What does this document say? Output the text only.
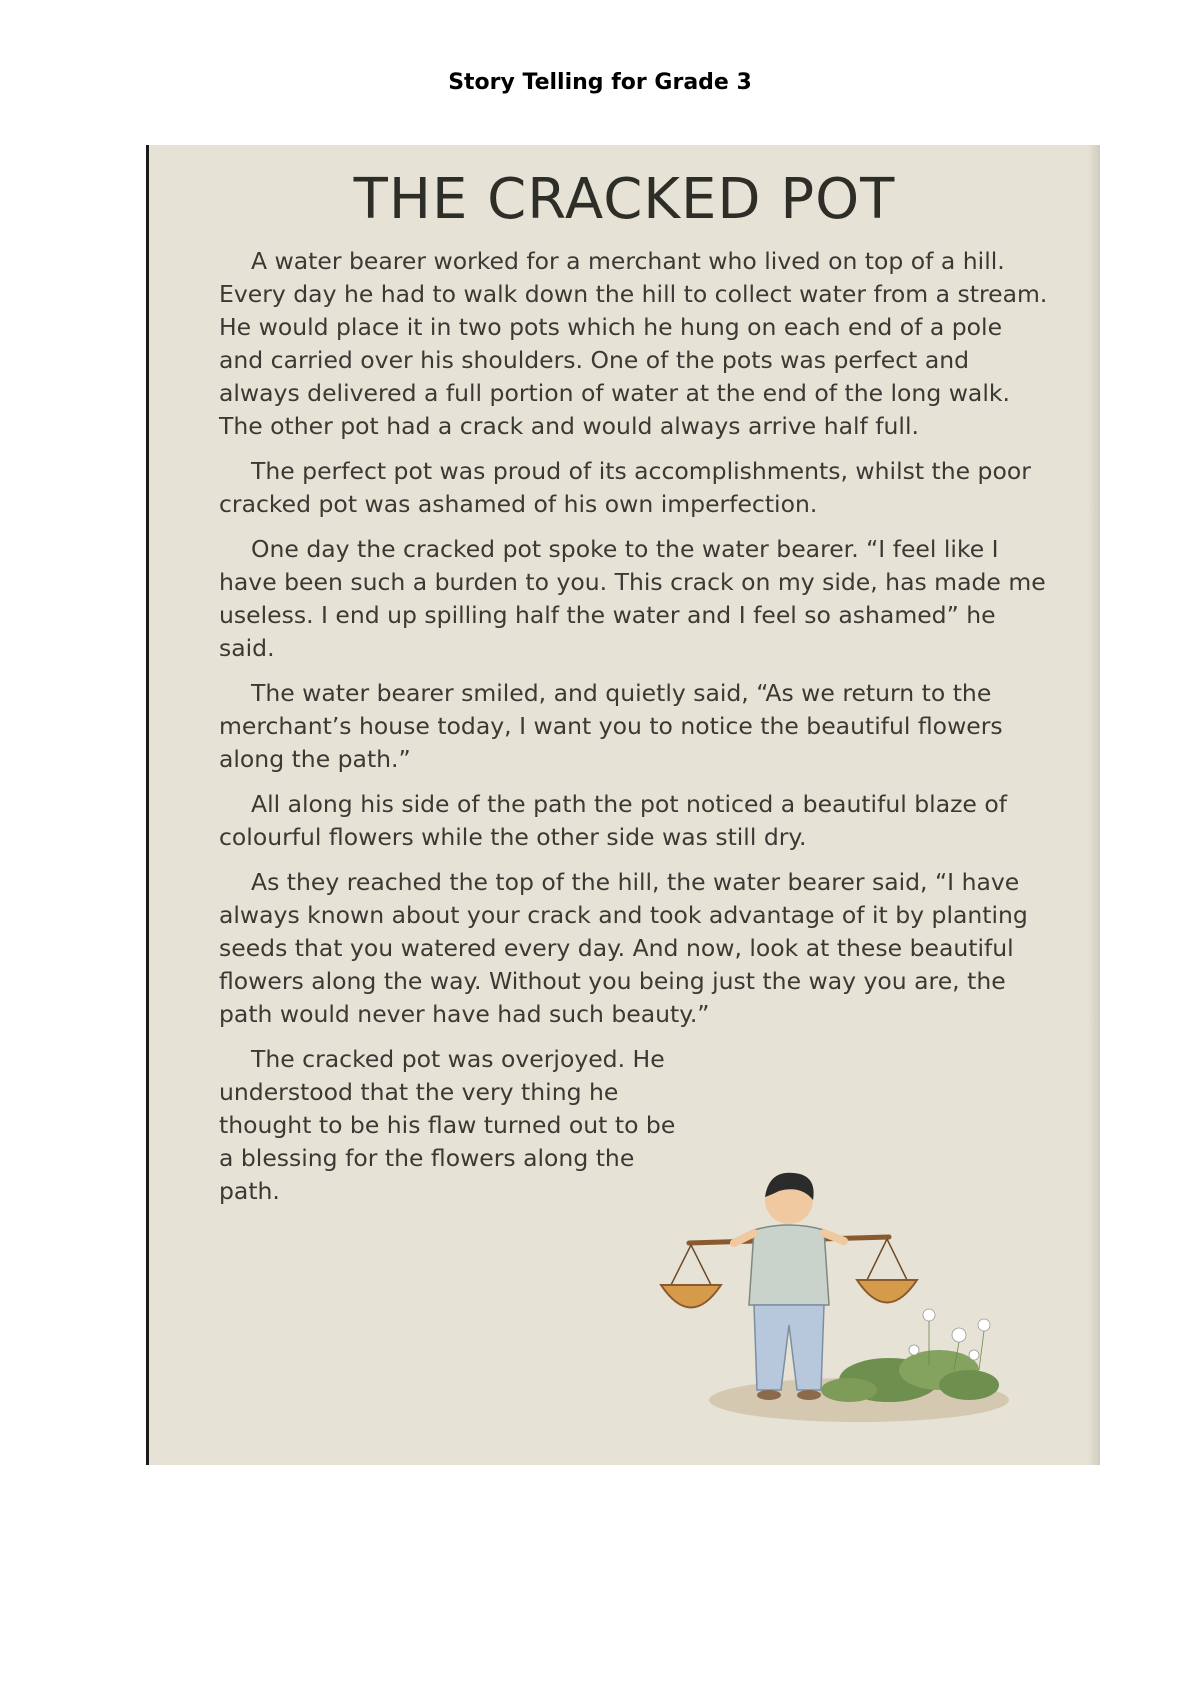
Story Telling for Grade 3
THE CRACKED POT

A water bearer worked for a merchant who lived on top of a hill. Every day he had to walk down the hill to collect water from a stream. He would place it in two pots which he hung on each end of a pole and carried over his shoulders. One of the pots was perfect and always delivered a full portion of water at the end of the long walk. The other pot had a crack and would always arrive half full.

The perfect pot was proud of its accomplishments, whilst the poor cracked pot was ashamed of his own imperfection.

One day the cracked pot spoke to the water bearer. “I feel like I have been such a burden to you. This crack on my side, has made me useless. I end up spilling half the water and I feel so ashamed” he said.

The water bearer smiled, and quietly said, “As we return to the merchant’s house today, I want you to notice the beautiful flowers along the path.”

All along his side of the path the pot noticed a beautiful blaze of colourful flowers while the other side was still dry.

As they reached the top of the hill, the water bearer said, “I have always known about your crack and took advantage of it by planting seeds that you watered every day. And now, look at these beautiful flowers along the way. Without you being just the way you are, the path would never have had such beauty.”

The cracked pot was overjoyed. He understood that the very thing he thought to be his flaw turned out to be a blessing for the flowers along the path.
